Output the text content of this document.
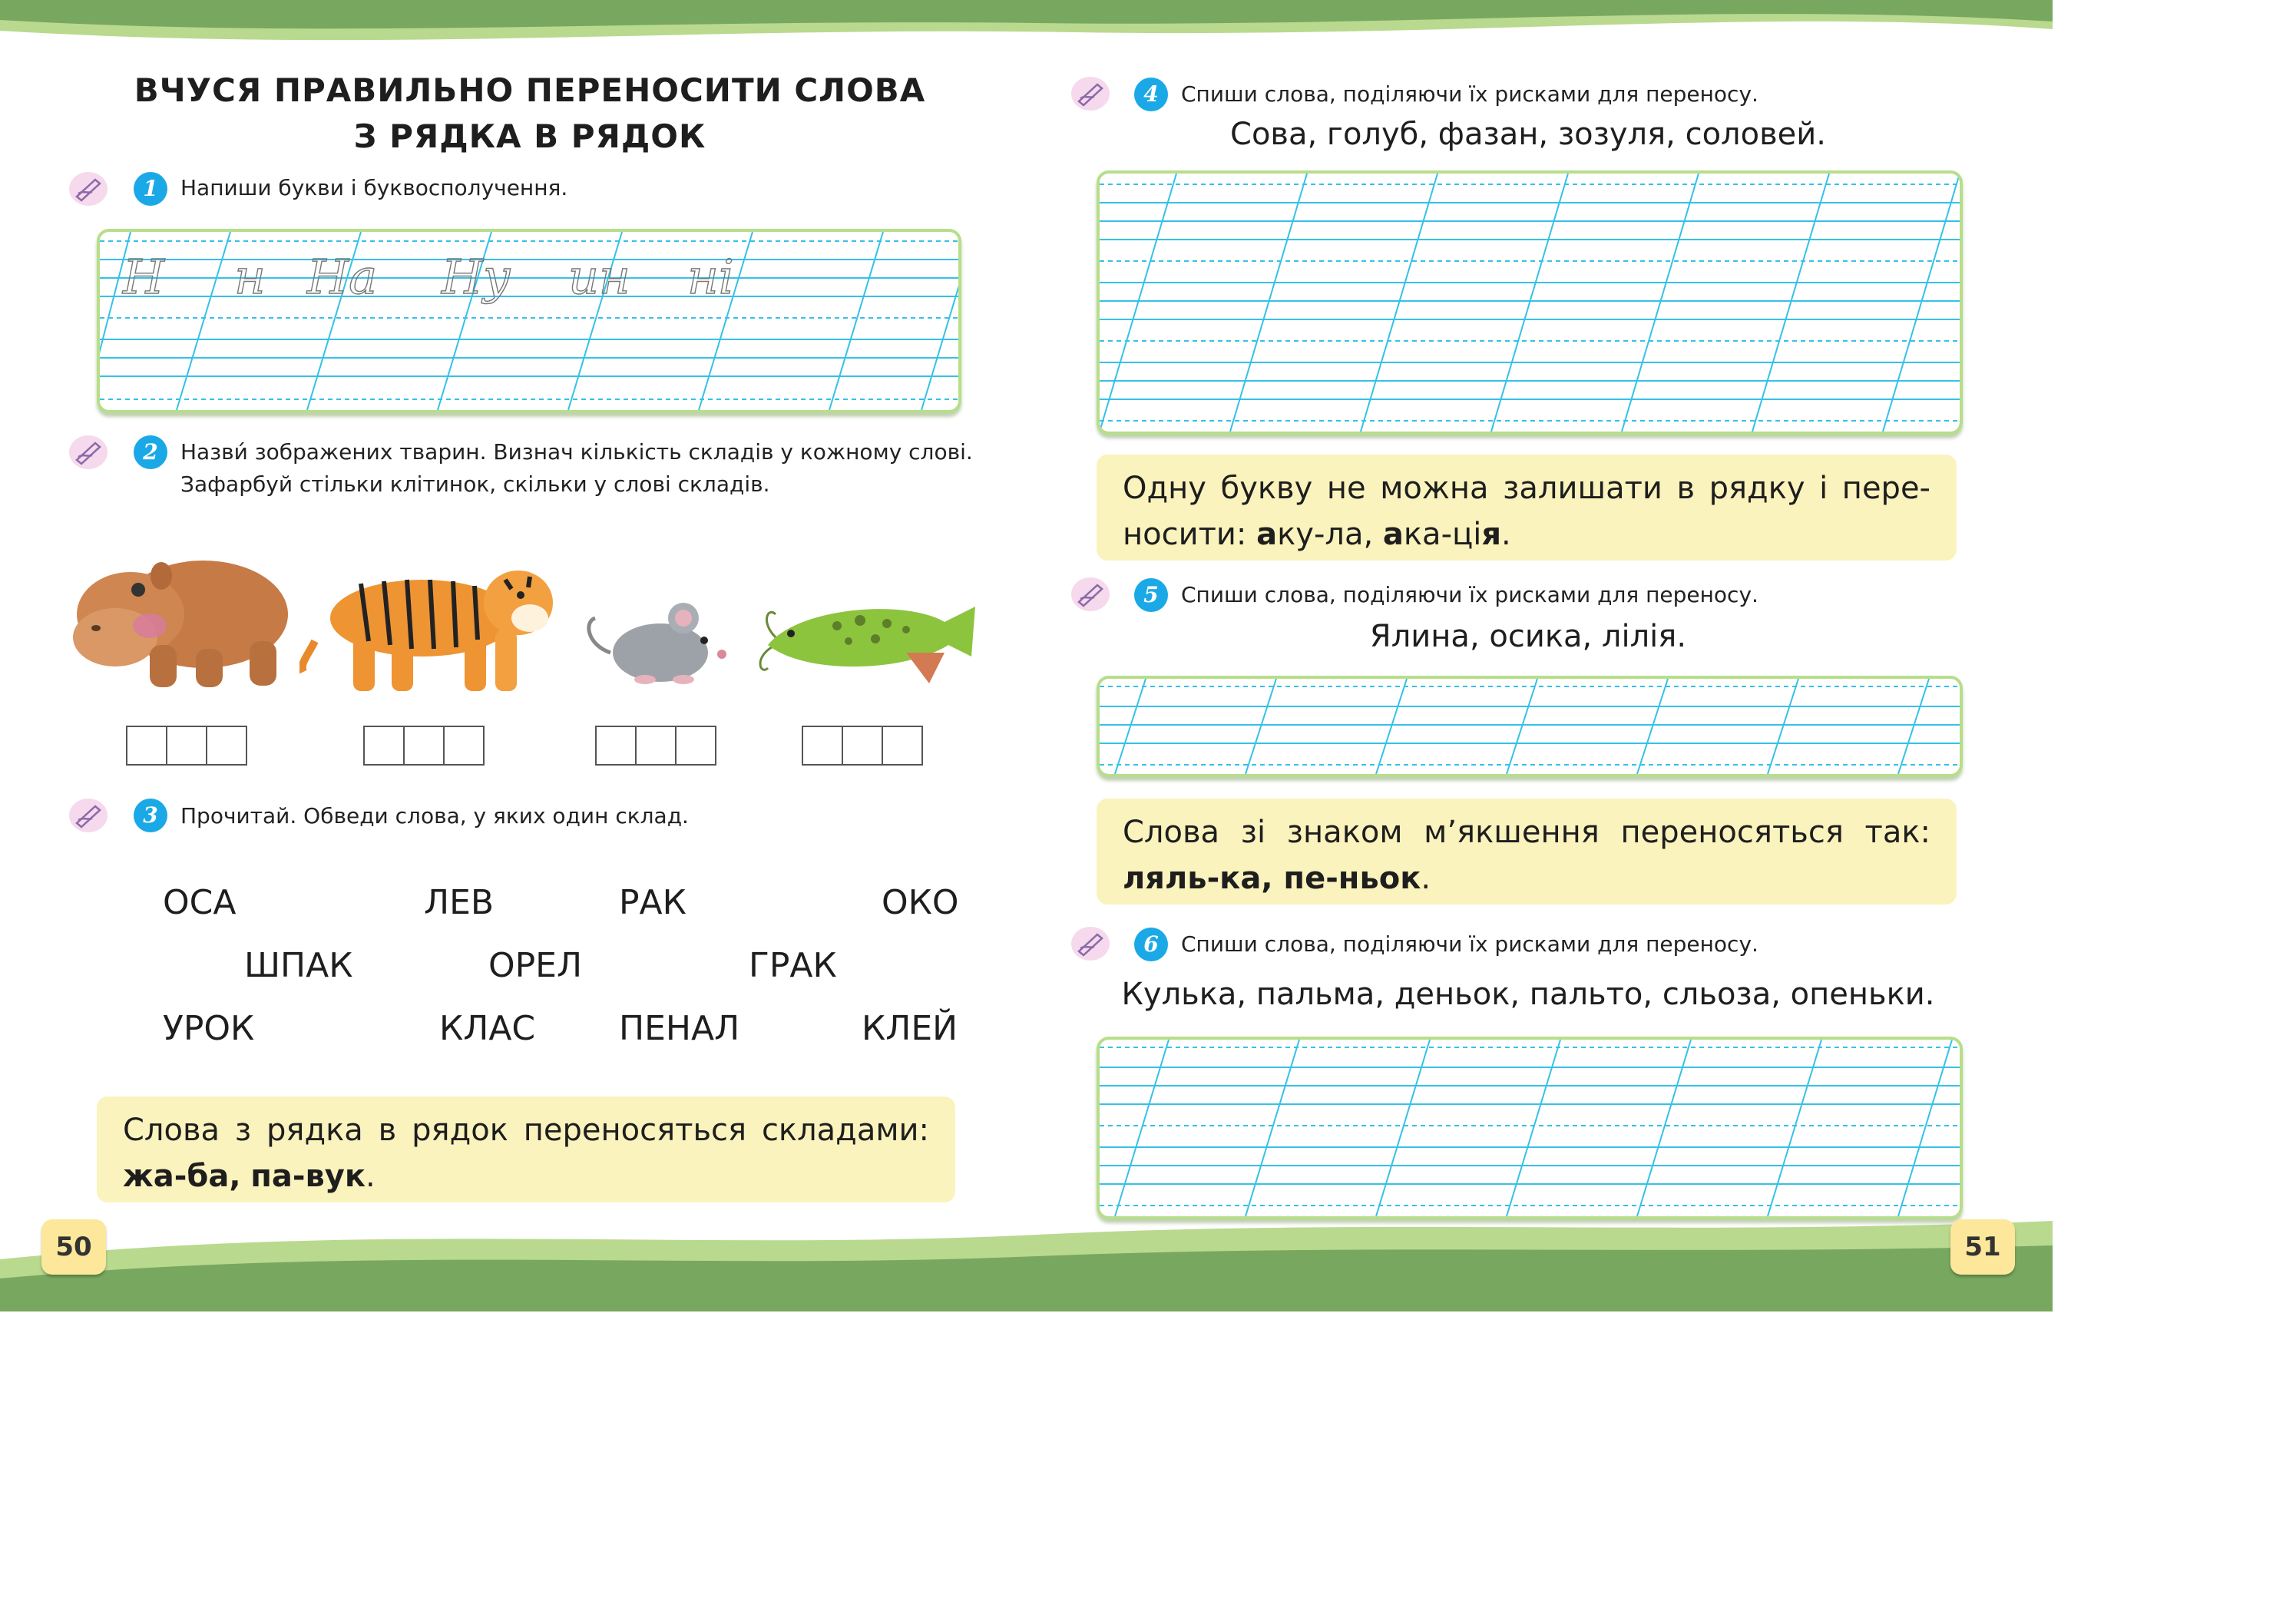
ВЧУСЯ ПРАВИЛЬНО ПЕРЕНОСИТИ СЛОВА
З РЯДКА В РЯДОК
1	Напиши букви і буквосполучення.
Н н На Ну ин ні
2	Назви́ зображених тварин. Визнач кількість складів у кожному слові.
Зафарбуй стільки клітинок, скільки у слові складів.
3	Прочитай. Обведи слова, у яких один склад.
ОСА	ЛЕВ	РАК	ОКО
ШПАК	ОРЕЛ	ГРАК
УРОК	КЛАС ПЕНАЛ	КЛЕЙ
Слова з рядка в рядок переносяться складами:
жа-ба, па-вук.
50
4	Спиши слова, поділяючи їх рисками для переносу.
Сова, голуб, фазан, зозуля, соловей.
Одну букву не можна залишати в рядку і пере-
носити: аку-ла, ака-ція.
5	Спиши слова, поділяючи їх рисками для переносу.
Ялина, осика, лілія.
Слова зі знаком м’якшення переносяться так:
ляль-ка, пе-ньок.
6	Спиши слова, поділяючи їх рисками для переносу.
Кулька, пальма, деньок, пальто, сльоза, опеньки.
51
